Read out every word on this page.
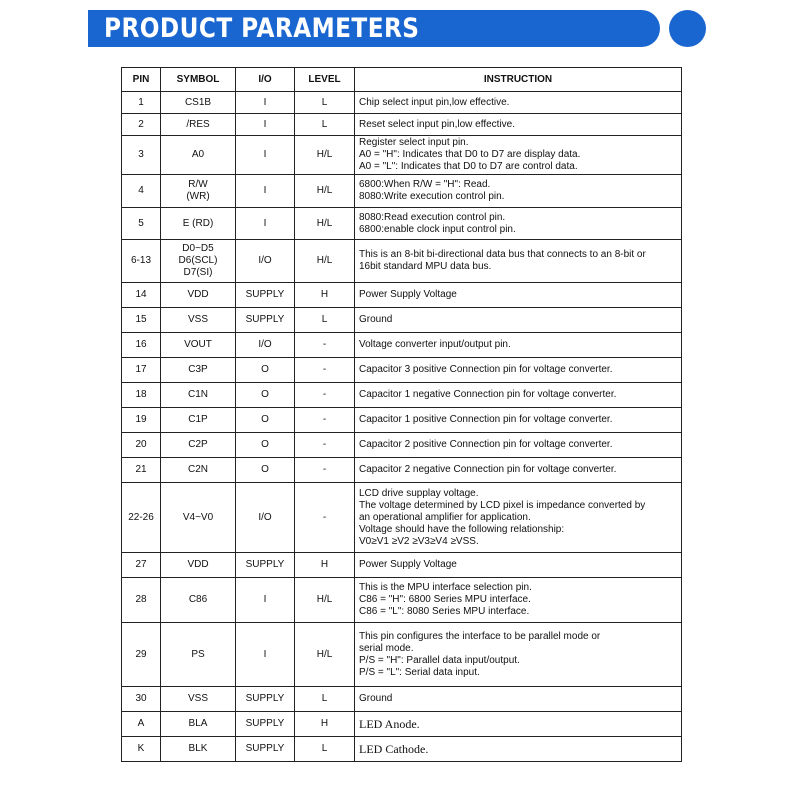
PRODUCT PARAMETERS
PIN	SYMBOL	I/O	LEVEL	INSTRUCTION
1	CS1B	I	L	Chip select input pin,low effective.

2	/RES	I	L	Reset select input pin,low effective.

3	A0	I	H/L	Register select input pin.
A0 = "H": Indicates that D0 to D7 are display data.
A0 = "L": Indicates that D0 to D7 are control data.

4	R/W
(WR)	I	H/L	6800:When R/W = "H": Read.
8080:Write execution control pin.

5	E (RD)	I	H/L	8080:Read execution control pin.
6800:enable clock input control pin.

6-13	D0~D5
D6(SCL)
D7(SI)	I/O	H/L	This is an 8-bit bi-directional data bus that connects to an 8-bit or
16bit standard MPU data bus.

14	VDD	SUPPLY	H	Power Supply Voltage

15	VSS	SUPPLY	L	Ground

16	VOUT	I/O	-	Voltage converter input/output pin.

17	C3P	O	-	Capacitor 3 positive Connection pin for voltage converter.

18	C1N	O	-	Capacitor 1 negative Connection pin for voltage converter.

19	C1P	O	-	Capacitor 1 positive Connection pin for voltage converter.

20	C2P	O	-	Capacitor 2 positive Connection pin for voltage converter.

21	C2N	O	-	Capacitor 2 negative Connection pin for voltage converter.

22-26	V4~V0	I/O	-	LCD drive supplay voltage.
The voltage determined by LCD pixel is impedance converted by
an operational amplifier for application.
Voltage should have the following relationship:
V0≥V1 ≥V2 ≥V3≥V4 ≥VSS.

27	VDD	SUPPLY	H	Power Supply Voltage

28	C86	I	H/L	This is the MPU interface selection pin.
C86 = "H": 6800 Series MPU interface.
C86 = "L": 8080 Series MPU interface.

29	PS	I	H/L	This pin configures the interface to be parallel mode or
serial mode.
P/S = "H": Parallel data input/output.
P/S = "L": Serial data input.

30	VSS	SUPPLY	L	Ground

A	BLA	SUPPLY	H	LED Anode.

K	BLK	SUPPLY	L	LED Cathode.
